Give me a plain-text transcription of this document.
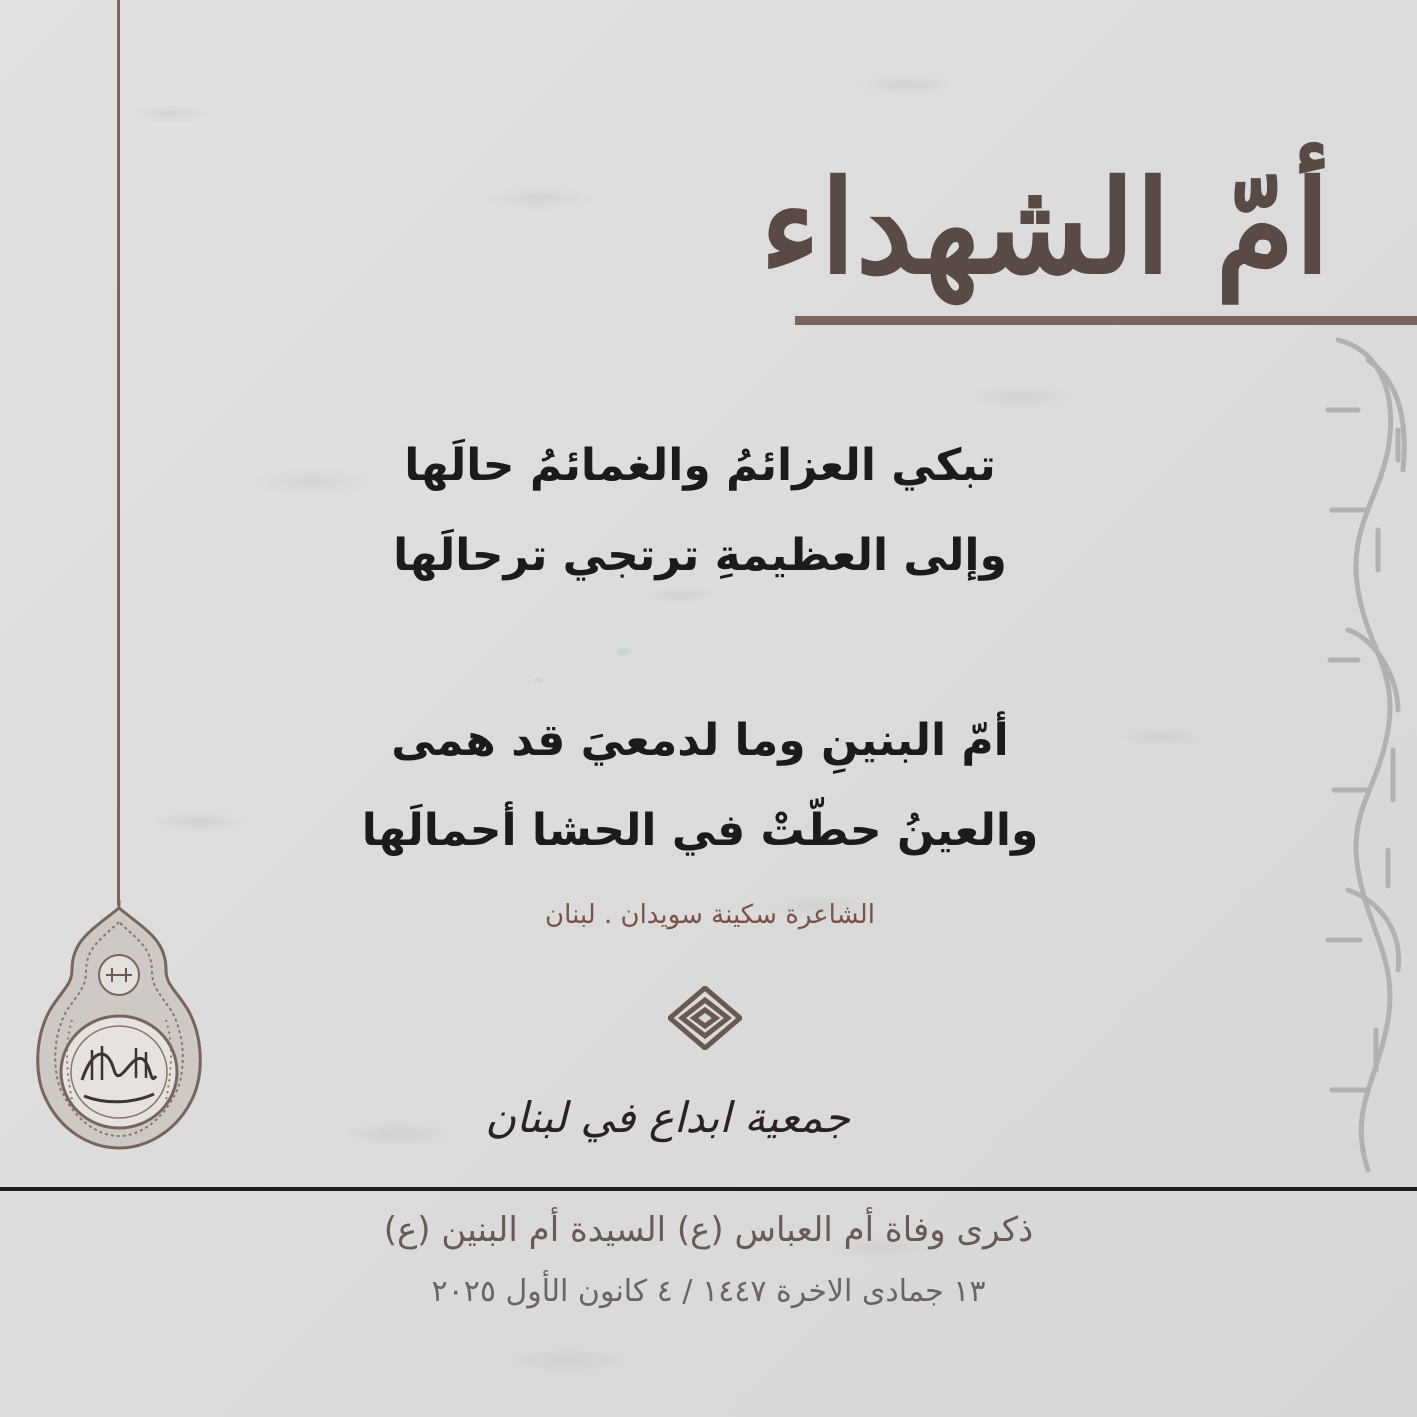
أمّ الشهداء
تبكي العزائمُ والغمائمُ حالَها
وإلى العظيمةِ ترتجي ترحالَها
أمّ البنينِ وما لدمعيَ قد همى
والعينُ حطّتْ في الحشا أحمالَها
الشاعرة سكينة سويدان . لبنان
جمعية ابداع في لبنان
ذكرى وفاة أم العباس (ع) السيدة أم البنين (ع)
١٣ جمادى الاخرة ١٤٤٧ / ٤ كانون الأول ٢٠٢٥
